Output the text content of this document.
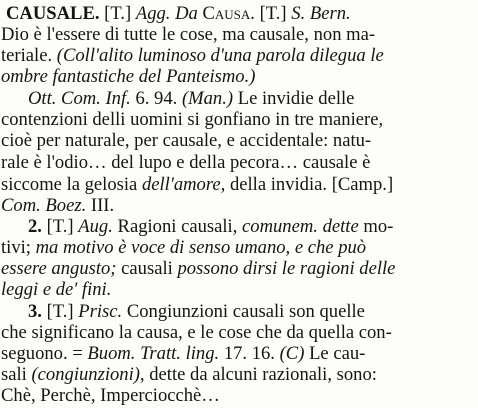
CAUSALE. [T.] Agg. Da Causa. [T.] S. Bern.
Dio è l'essere di tutte le cose, ma causale, non ma-
teriale. (Coll'alito luminoso d'una parola dilegua le
ombre fantastiche del Panteismo.)
Ott. Com. Inf. 6. 94. (Man.) Le invidie delle
contenzioni delli uomini si gonfiano in tre maniere,
cioè per naturale, per causale, e accidentale: natu-
rale è l'odio… del lupo e della pecora… causale è
siccome la gelosia dell'amore, della invidia. [Camp.]
Com. Boez. III.
2. [T.] Aug. Ragioni causali, comunem. dette mo-
tivi; ma motivo è voce di senso umano, e che può
essere angusto; causali possono dirsi le ragioni delle
leggi e de' fini.
3. [T.] Prisc. Congiunzioni causali son quelle
che significano la causa, e le cose che da quella con-
seguono. = Buom. Tratt. ling. 17. 16. (C) Le cau-
sali (congiunzioni), dette da alcuni razionali, sono:
Chè, Perchè, Imperciocchè…
